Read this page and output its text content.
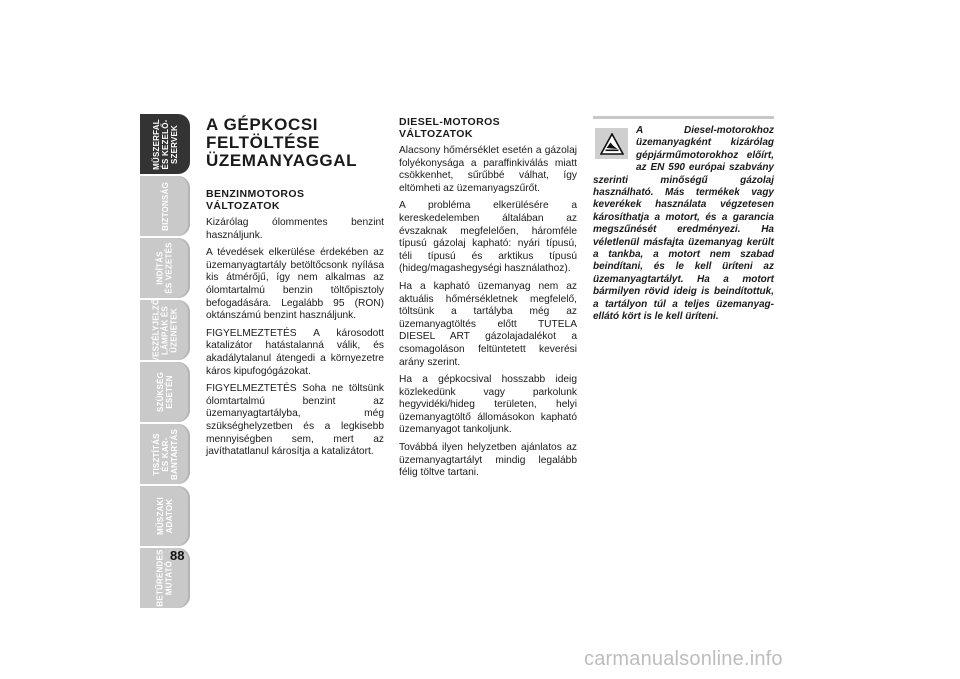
MŰSZERFAL
ÉS KEZELŐ-
SZERVEK
BIZTONSÁG
INDÍTÁS
ÉS VEZETÉS
VESZÉLYJELZŐ
LÁMPÁK ÉS
ÜZENETEK
SZÜKSÉG
ESETÉN
TISZTÍTÁS
ÉS KAR-
BANTARTÁS
MŰSZAKI
ADATOK
BETŰRENDES
MUTATÓ
88
A GÉPKOCSI
FELTÖLTÉSE
ÜZEMANYAGGAL
BENZINMOTOROS
VÁLTOZATOK

Kizárólag ólommentes benzint használjunk.

A tévedések elkerülése érdekében az üzemanyagtartály betöltőcsonk nyílása kis átmérőjű, így nem alkalmas az ólomtartalmú benzin töltőpisztoly befogadására. Legalább 95 (RON) oktánszámú benzint használjunk.

FIGYELMEZTETÉS A károsodott katalizátor hatástalanná válik, és akadálytalanul átengedi a környezetre káros kipufogógázokat.

FIGYELMEZTETÉS Soha ne töltsünk ólomtartalmú benzint az üzemanyagtartályba, még szükséghelyzetben és a legkisebb mennyiségben sem, mert az javíthatatlanul károsítja a katalizátort.

DIESEL-MOTOROS
VÁLTOZATOK

Alacsony hőmérséklet esetén a gázolaj folyékonysága a paraffinkiválás miatt csökkenhet, sűrűbbé válhat, így eltömheti az üzemanyagszűrőt.

A probléma elkerülésére a kereskedelemben általában az évszaknak megfelelően, háromféle típusú gázolaj kapható: nyári típusú, téli típusú és arktikus típusú (hideg/magashegységi használathoz).

Ha a kapható üzemanyag nem az aktuális hőmérsékletnek megfelelő, töltsünk a tartályba még az üzemanyagtöltés előtt TUTELA DIESEL ART gázolajadalékot a csomagoláson feltüntetett keverési arány szerint.

Ha a gépkocsival hosszabb ideig közlekedünk vagy parkolunk hegyvidéki/hideg területen, helyi üzemanyagtöltő állomásokon kapható üzemanyagot tankoljunk.

Továbbá ilyen helyzetben ajánlatos az üzemanyagtartályt mindig legalább félig töltve tartani.

A Diesel-motorokhoz üzemanyagként kizárólag gépjárműmotorokhoz előírt, az EN 590 európai szabvány szerinti minőségű gázolaj használható. Más termékek vagy keverékek használata végzetesen károsíthatja a motort, és a garancia megszűnését eredményezi. Ha véletlenül másfajta üzemanyag került a tankba, a motort nem szabad beindítani, és le kell üríteni az üzemanyagtartályt. Ha a motort bármilyen rövid ideig is beindítottuk, a tartályon túl a teljes üzemanyag-ellátó kört is le kell üríteni.

carmanualsonline.info
